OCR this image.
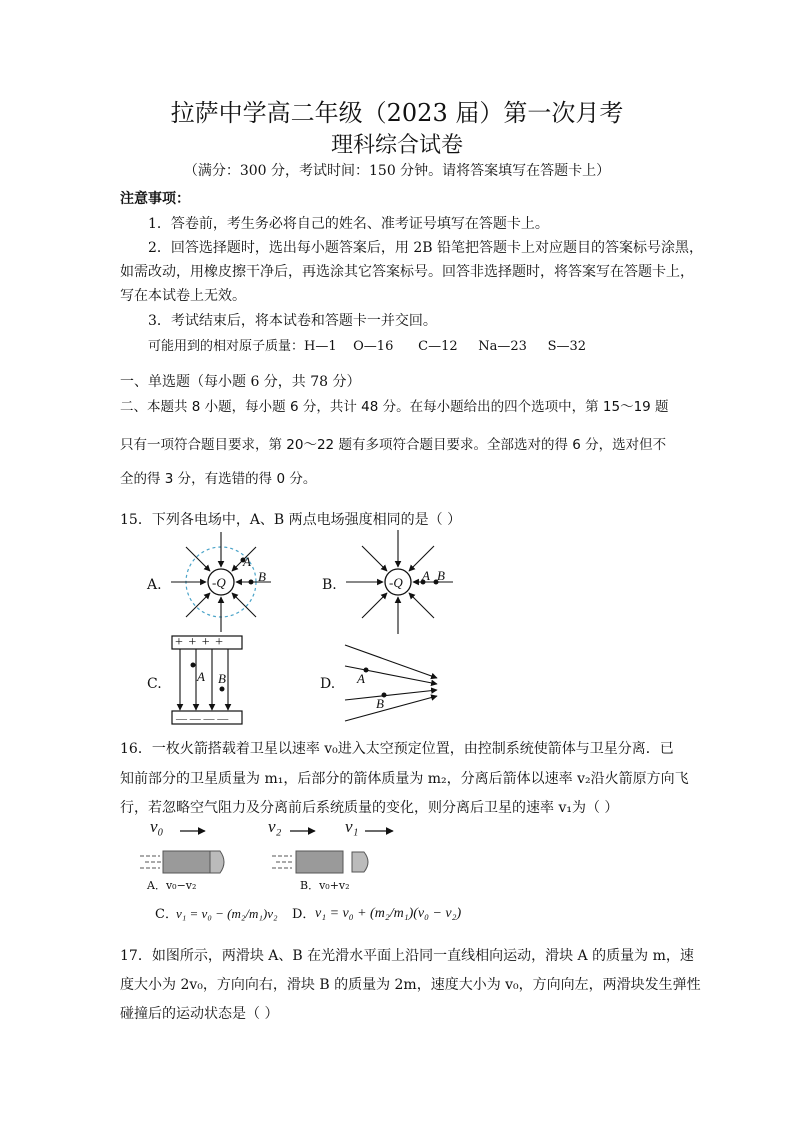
拉萨中学高二年级（2023 届）第一次月考
理科综合试卷
（满分：300 分，考试时间：150 分钟。请将答案填写在答题卡上）
注意事项：
1．答卷前，考生务必将自己的姓名、准考证号填写在答题卡上。
2．回答选择题时，选出每小题答案后，用 2B 铅笔把答题卡上对应题目的答案标号涂黑，
如需改动，用橡皮擦干净后，再选涂其它答案标号。回答非选择题时，将答案写在答题卡上，
写在本试卷上无效。
3．考试结束后，将本试卷和答题卡一并交回。
可能用到的相对原子质量：H—1    O—16      C—12     Na—23     S—32
一、单选题（每小题 6 分，共 78 分）
二、本题共 8 小题，每小题 6 分，共计 48 分。在每小题给出的四个选项中，第 15～19 题
只有一项符合题目要求，第 20～22 题有多项符合题目要求。全部选对的得 6 分，选对但不
全的得 3 分，有选错的得 0 分。
15．下列各电场中，A、B 两点电场强度相同的是（ ）
A.	B.
C.	D.
-Q
A
B	-Q A B
+ + + +
— — — —
A B	A
B
16．一枚火箭搭载着卫星以速率 v₀进入太空预定位置，由控制系统使箭体与卫星分离．已
知前部分的卫星质量为 m₁，后部分的箭体质量为 m₂，分离后箭体以速率 v₂沿火箭原方向飞
行，若忽略空气阻力及分离前后系统质量的变化，则分离后卫星的速率 v₁为（ ）
v₀	v₂	v₁
A．v₀−v₂	B．v₀+v₂
C．
v₁ = v₀ − (m₂/m₁)v₂ D． v₁ = v₀ + (m₂/m₁)(v₀ − v₂)
17．如图所示，两滑块 A、B 在光滑水平面上沿同一直线相向运动，滑块 A 的质量为 m，速
度大小为 2v₀，方向向右，滑块 B 的质量为 2m，速度大小为 v₀，方向向左，两滑块发生弹性
碰撞后的运动状态是（ ）
